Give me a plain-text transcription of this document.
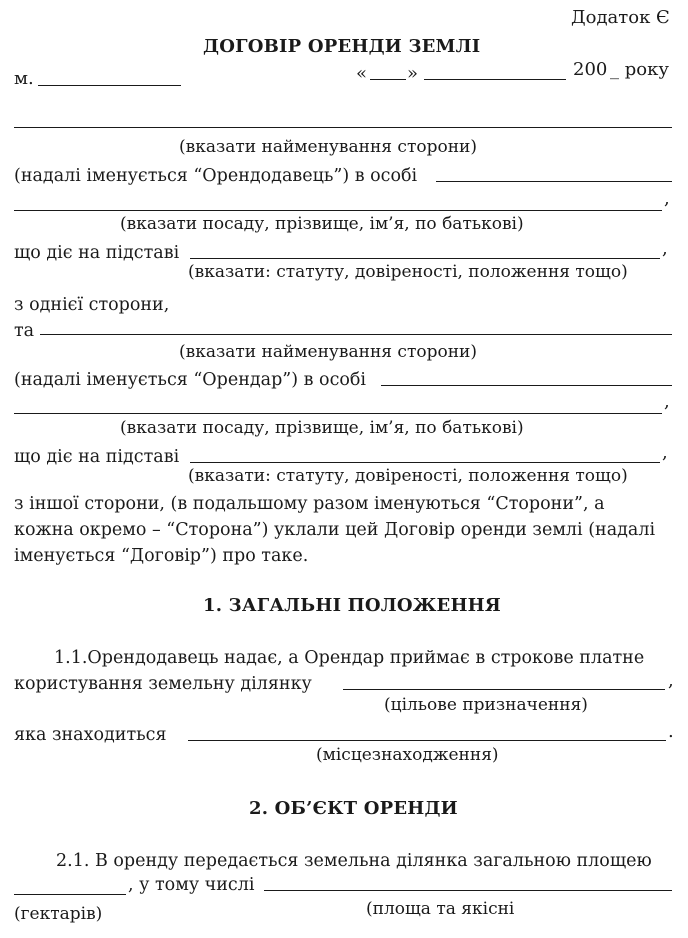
Додаток Є
ДОГОВІР ОРЕНДИ ЗЕМЛІ
м.	« »	200 _ року
(вказати найменування сторони)
(надалі іменується “Орендодавець”) в особі
,
(вказати посаду, прізвище, ім’я, по батькові)
що діє на підставі	,
(вказати: статуту, довіреності, положення тощо)
з однієї сторони,
та
(вказати найменування сторони)
(надалі іменується “Орендар”) в особі
,
(вказати посаду, прізвище, ім’я, по батькові)
що діє на підставі	,
(вказати: статуту, довіреності, положення тощо)
з іншої сторони, (в подальшому разом іменуються “Сторони”, а
кожна окремо – “Сторона”) уклали цей Договір оренди землі (надалі
іменується “Договір”) про таке.
1. ЗАГАЛЬНІ ПОЛОЖЕННЯ
1.1.Орендодавець надає, а Орендар приймає в строкове платне
користування земельну ділянку	,
(цільове призначення)
яка знаходиться	.
(місцезнаходження)
2. ОБ’ЄКТ ОРЕНДИ
2.1. В оренду передається земельна ділянка загальною площею
, у тому числі
(гектарів)	(площа та якісні
